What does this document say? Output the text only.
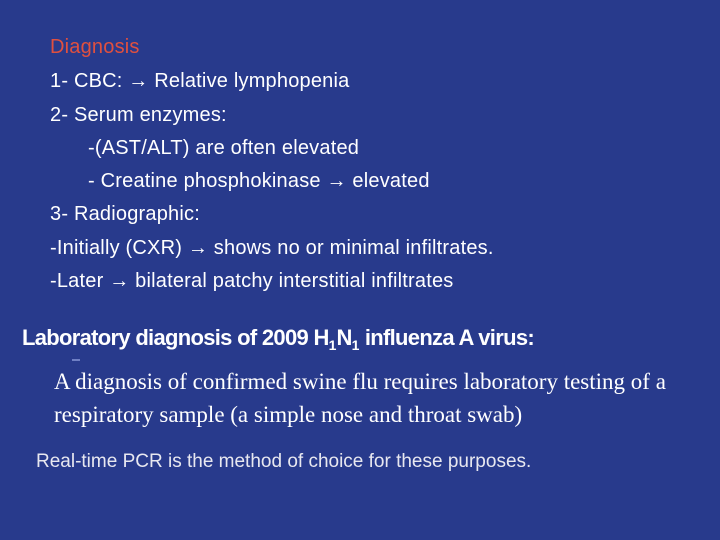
Diagnosis
1- CBC: → Relative lymphopenia
2- Serum enzymes:
-(AST/ALT) are often elevated
- Creatine phosphokinase → elevated
3- Radiographic:
-Initially (CXR) → shows no or minimal infiltrates.
-Later → bilateral patchy interstitial infiltrates
Laboratory diagnosis of 2009 $H_1N_1$ influenza A virus:
A diagnosis of confirmed swine flu requires laboratory testing of a
respiratory sample (a simple nose and throat swab)
Real-time PCR is the method of choice for these purposes.
